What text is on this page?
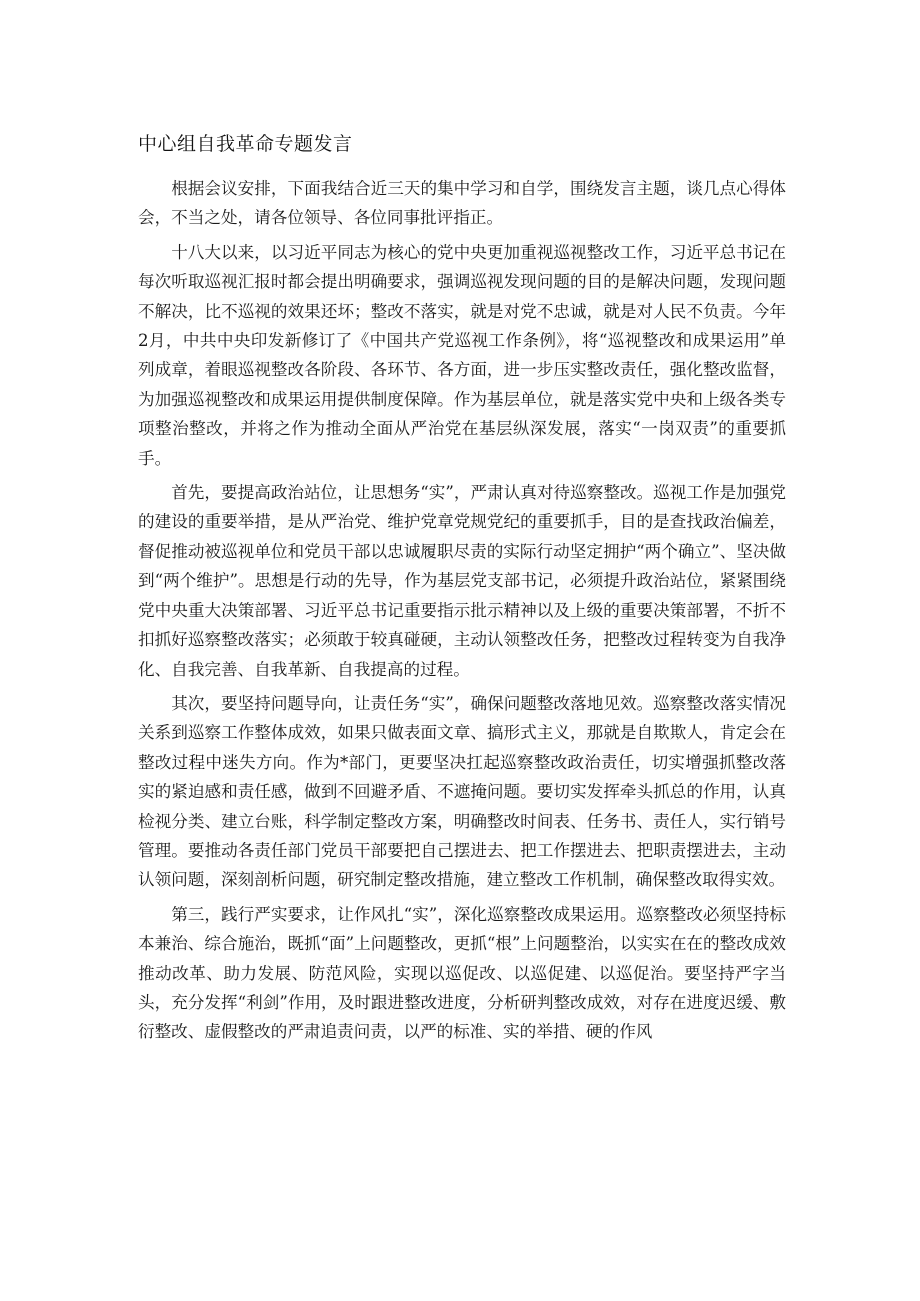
中心组自我革命专题发言

根据会议安排，下面我结合近三天的集中学习和自学，围绕发言主题，谈几点心得体会，不当之处，请各位领导、各位同事批评指正。

十八大以来，以习近平同志为核心的党中央更加重视巡视整改工作，习近平总书记在每次听取巡视汇报时都会提出明确要求，强调巡视发现问题的目的是解决问题，发现问题不解决，比不巡视的效果还坏；整改不落实，就是对党不忠诚，就是对人民不负责。今年2月，中共中央印发新修订了《中国共产党巡视工作条例》，将“巡视整改和成果运用”单列成章，着眼巡视整改各阶段、各环节、各方面，进一步压实整改责任，强化整改监督，为加强巡视整改和成果运用提供制度保障。作为基层单位，就是落实党中央和上级各类专项整治整改，并将之作为推动全面从严治党在基层纵深发展，落实“一岗双责”的重要抓手。

首先，要提高政治站位，让思想务“实”，严肃认真对待巡察整改。巡视工作是加强党的建设的重要举措，是从严治党、维护党章党规党纪的重要抓手，目的是查找政治偏差，督促推动被巡视单位和党员干部以忠诚履职尽责的实际行动坚定拥护“两个确立”、坚决做到“两个维护”。思想是行动的先导，作为基层党支部书记，必须提升政治站位，紧紧围绕党中央重大决策部署、习近平总书记重要指示批示精神以及上级的重要决策部署，不折不扣抓好巡察整改落实；必须敢于较真碰硬，主动认领整改任务，把整改过程转变为自我净化、自我完善、自我革新、自我提高的过程。

其次，要坚持问题导向，让责任务“实”，确保问题整改落地见效。巡察整改落实情况关系到巡察工作整体成效，如果只做表面文章、搞形式主义，那就是自欺欺人，肯定会在整改过程中迷失方向。作为*部门，更要坚决扛起巡察整改政治责任，切实增强抓整改落实的紧迫感和责任感，做到不回避矛盾、不遮掩问题。要切实发挥牵头抓总的作用，认真检视分类、建立台账，科学制定整改方案，明确整改时间表、任务书、责任人，实行销号管理。要推动各责任部门党员干部要把自己摆进去、把工作摆进去、把职责摆进去，主动认领问题，深刻剖析问题，研究制定整改措施，建立整改工作机制，确保整改取得实效。

第三，践行严实要求，让作风扎“实”，深化巡察整改成果运用。巡察整改必须坚持标本兼治、综合施治，既抓“面”上问题整改，更抓“根”上问题整治，以实实在在的整改成效推动改革、助力发展、防范风险，实现以巡促改、以巡促建、以巡促治。要坚持严字当头，充分发挥“利剑”作用，及时跟进整改进度，分析研判整改成效，对存在进度迟缓、敷衍整改、虚假整改的严肃追责问责，以严的标准、实的举措、硬的作风
